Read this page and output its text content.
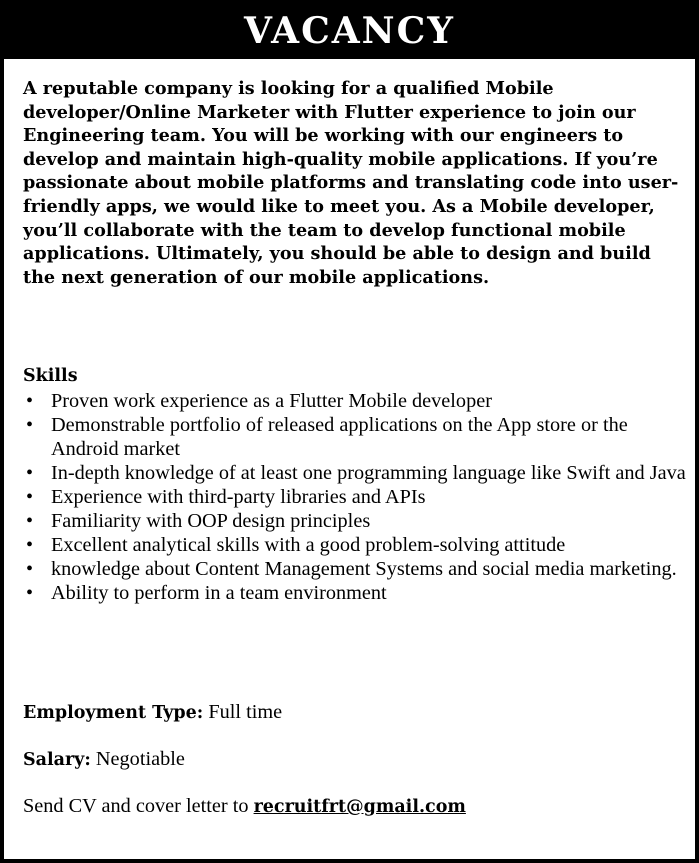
VACANCY
A reputable company is looking for a qualified Mobile developer/Online Marketer with Flutter experience to join our Engineering team. You will be working with our engineers to develop and maintain high-quality mobile applications. If you’re passionate about mobile platforms and translating code into user-friendly apps, we would like to meet you. As a Mobile developer, you’ll collaborate with the team to develop functional mobile applications. Ultimately, you should be able to design and build the next generation of our mobile applications.
Skills
• Proven work experience as a Flutter Mobile developer
• Demonstrable portfolio of released applications on the App store or the Android market
• In-depth knowledge of at least one programming language like Swift and Java
• Experience with third-party libraries and APIs
• Familiarity with OOP design principles
• Excellent analytical skills with a good problem-solving attitude
• knowledge about Content Management Systems and social media marketing.
• Ability to perform in a team environment
Employment Type: Full time
Salary: Negotiable
Send CV and cover letter to recruitfrt@gmail.com
